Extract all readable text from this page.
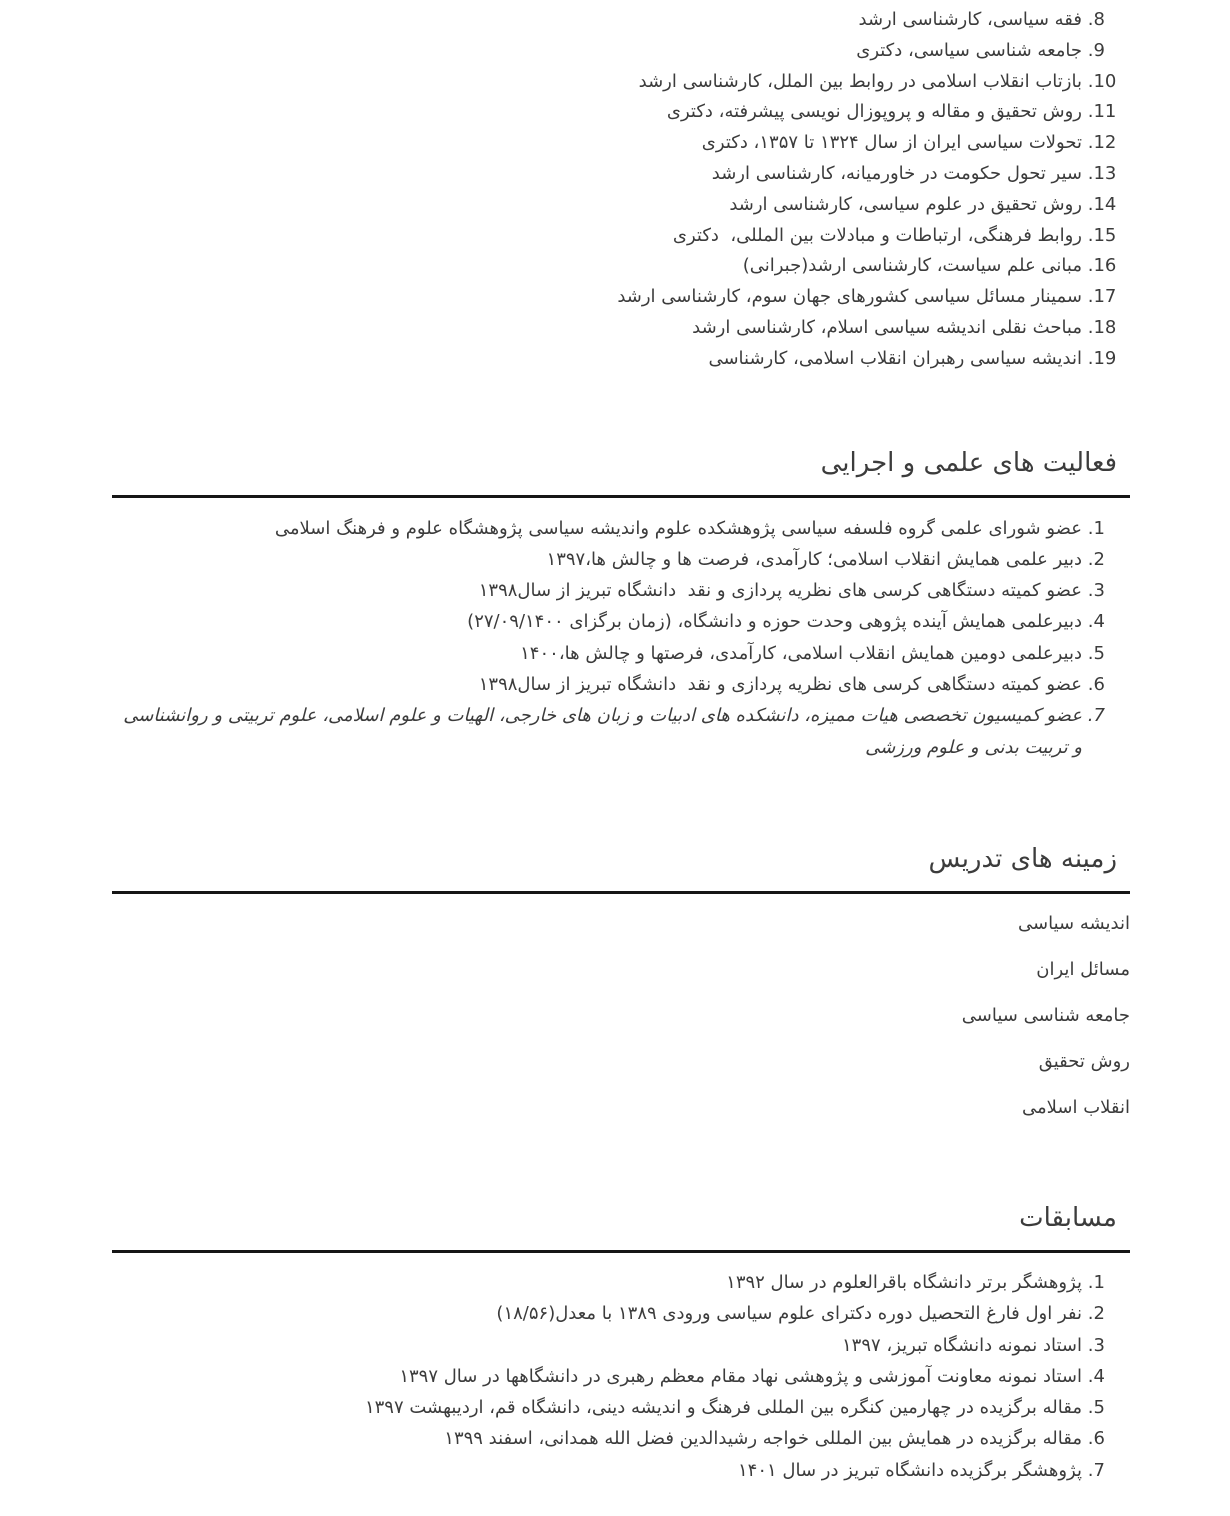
8. فقه سیاسی، کارشناسی ارشد
9. جامعه شناسی سیاسی، دکتری
10. بازتاب انقلاب اسلامی در روابط بین الملل، کارشناسی ارشد
11. روش تحقیق و مقاله و پروپوزال نویسی پیشرفته، دکتری
12. تحولات سیاسی ایران از سال ۱۳۲۴ تا ۱۳۵۷، دکتری
13. سیر تحول حکومت در خاورمیانه، کارشناسی ارشد
14. روش تحقیق در علوم سیاسی، کارشناسی ارشد
15. روابط فرهنگی، ارتباطات و مبادلات بین المللی،  دکتری
16. مبانی علم سیاست، کارشناسی ارشد(جبرانی)
17. سمینار مسائل سیاسی کشورهای جهان سوم، کارشناسی ارشد
18. مباحث نقلی اندیشه سیاسی اسلام، کارشناسی ارشد
19. اندیشه سیاسی رهبران انقلاب اسلامی، کارشناسی
فعالیت های علمی و اجرایی
1. عضو شورای علمی گروه فلسفه سیاسی پژوهشکده علوم واندیشه سیاسی پژوهشگاه علوم و فرهنگ اسلامی
2. دبیر علمی همایش انقلاب اسلامی؛ کارآمدی، فرصت ها و چالش ها،۱۳۹۷
3. عضو کمیته دستگاهی کرسی های نظریه پردازی و نقد  دانشگاه تبریز از سال۱۳۹۸
4. دبیرعلمی همایش آینده پژوهی وحدت حوزه و دانشگاه، (زمان برگزای ۲۷/۰۹/۱۴۰۰)
5. دبیرعلمی دومین همایش انقلاب اسلامی، کارآمدی، فرصتها و چالش ها،۱۴۰۰
6. عضو کمیته دستگاهی کرسی های نظریه پردازی و نقد  دانشگاه تبریز از سال۱۳۹۸
7. عضو کمیسیون تخصصی هیات ممیزه، دانشکده های ادبیات و زبان های خارجی، الهیات و علوم اسلامی، علوم تربیتی و روانشناسی و تربیت بدنی و علوم ورزشی
زمینه های تدریس
اندیشه سیاسی
مسائل ایران
جامعه شناسی سیاسی
روش تحقیق
انقلاب اسلامی
مسابقات
1. پژوهشگر برتر دانشگاه باقرالعلوم در سال ۱۳۹۲
2. نفر اول فارغ التحصیل دوره دکترای علوم سیاسی ورودی ۱۳۸۹ با معدل(۱۸/۵۶)
3. استاد نمونه دانشگاه تبریز، ۱۳۹۷
4. استاد نمونه معاونت آموزشی و پژوهشی نهاد مقام معظم رهبری در دانشگاهها در سال ۱۳۹۷
5. مقاله برگزیده در چهارمین کنگره بین المللی فرهنگ و اندیشه دینی، دانشگاه قم، اردیبهشت ۱۳۹۷
6. مقاله برگزیده در همایش بین المللی خواجه رشیدالدین فضل الله همدانی، اسفند ۱۳۹۹
7. پژوهشگر برگزیده دانشگاه تبریز در سال ۱۴۰۱
